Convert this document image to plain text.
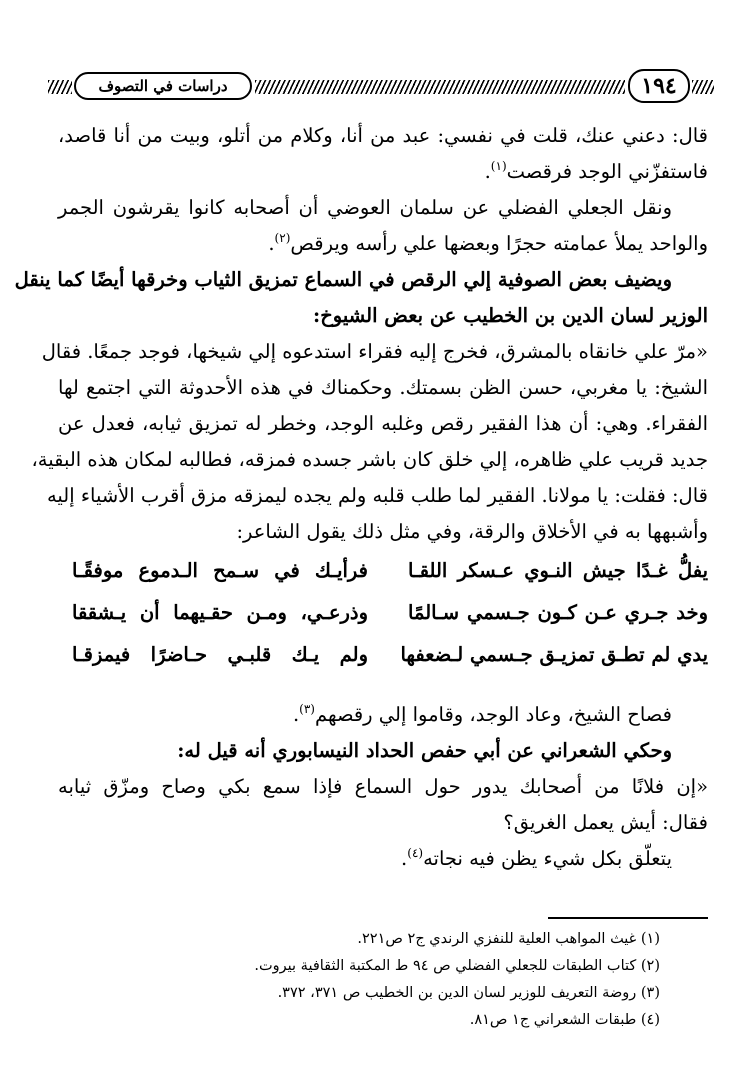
دراسات في التصوف	١٩٤
قال: دعني عنك، قلت في نفسي: عبد من أنا، وكلام من أتلو، وبيت من أنا قاصد،
فاستفزّني الوجد فرقصت$^{(١)}$.
ونقل الجعلي الفضلي عن سلمان العوضي أن أصحابه كانوا يقرشون الجمر
والواحد يملأ عمامته حجرًا وبعضها علي رأسه ويرقص$^{(٢)}$.
ويضيف بعض الصوفية إلي الرقص في السماع تمزيق الثياب وخرقها أيضًا كما ينقل
الوزير لسان الدين بن الخطيب عن بعض الشيوخ:
«مرّ علي خانقاه بالمشرق، فخرج إليه فقراء استدعوه إلي شيخها، فوجد جمعًا. فقال
الشيخ: يا مغربي، حسن الظن بسمتك. وحكمناك في هذه الأحدوثة التي اجتمع لها
الفقراء. وهي: أن هذا الفقير رقص وغلبه الوجد، وخطر له تمزيق ثيابه، فعدل عن
جديد قريب علي ظاهره، إلي خلق كان باشر جسده فمزقه، فطالبه لمكان هذه البقية،
قال: فقلت: يا مولانا. الفقير لما طلب قلبه ولم يجده ليمزقه مزق أقرب الأشياء إليه
وأشبهها به في الأخلاق والرقة، وفي مثل ذلك يقول الشاعر:
يفلُّ غـدًا جيش النـوي عـسكر اللقـا
فرأيـك في سـمح الـدموع موفقًـا
وخد جـري عـن كـون جـسمي سـالمًا
وذرعـي، ومـن حقـيهما أن يـشققا
يدي لم تطـق تمزيـق جـسمي لـضعفها
ولم يـك قلبـي حـاضرًا فيمزقـا
فصاح الشيخ، وعاد الوجد، وقاموا إلي رقصهم$^{(٣)}$.
وحكي الشعراني عن أبي حفص الحداد النيسابوري أنه قيل له:
«إن فلانًا من أصحابك يدور حول السماع فإذا سمع بكي وصاح ومزّق ثيابه
فقال: أيش يعمل الغريق؟
يتعلّق بكل شيء يظن فيه نجاته$^{(٤)}$.
(١) غيث المواهب العلية للنفزي الرندي ج٢ ص٢٢١.
(٢) كتاب الطبقات للجعلي الفضلي ص ٩٤ ط المكتبة الثقافية بيروت.
(٣) روضة التعريف للوزير لسان الدين بن الخطيب ص ٣٧١، ٣٧٢.
(٤) طبقات الشعراني ج١ ص٨١.
